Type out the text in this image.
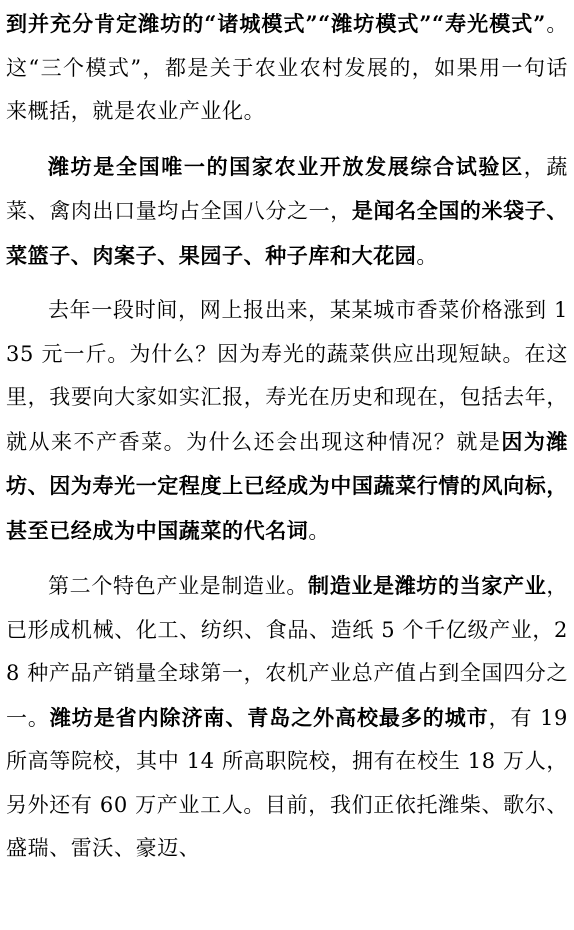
到并充分肯定潍坊的“诸城模式”“潍坊模式”“寿光模式”。这“三个模式”，都是关于农业农村发展的，如果用一句话来概括，就是农业产业化。

潍坊是全国唯一的国家农业开放发展综合试验区，蔬菜、禽肉出口量均占全国八分之一，是闻名全国的米袋子、菜篮子、肉案子、果园子、种子库和大花园。

去年一段时间，网上报出来，某某城市香菜价格涨到 135 元一斤。为什么？因为寿光的蔬菜供应出现短缺。在这里，我要向大家如实汇报，寿光在历史和现在，包括去年，就从来不产香菜。为什么还会出现这种情况？就是因为潍坊、因为寿光一定程度上已经成为中国蔬菜行情的风向标，甚至已经成为中国蔬菜的代名词。

第二个特色产业是制造业。制造业是潍坊的当家产业，已形成机械、化工、纺织、食品、造纸 5 个千亿级产业，28 种产品产销量全球第一，农机产业总产值占到全国四分之一。潍坊是省内除济南、青岛之外高校最多的城市，有 19 所高等院校，其中 14 所高职院校，拥有在校生 18 万人，另外还有 60 万产业工人。目前，我们正依托潍柴、歌尔、盛瑞、雷沃、豪迈、
